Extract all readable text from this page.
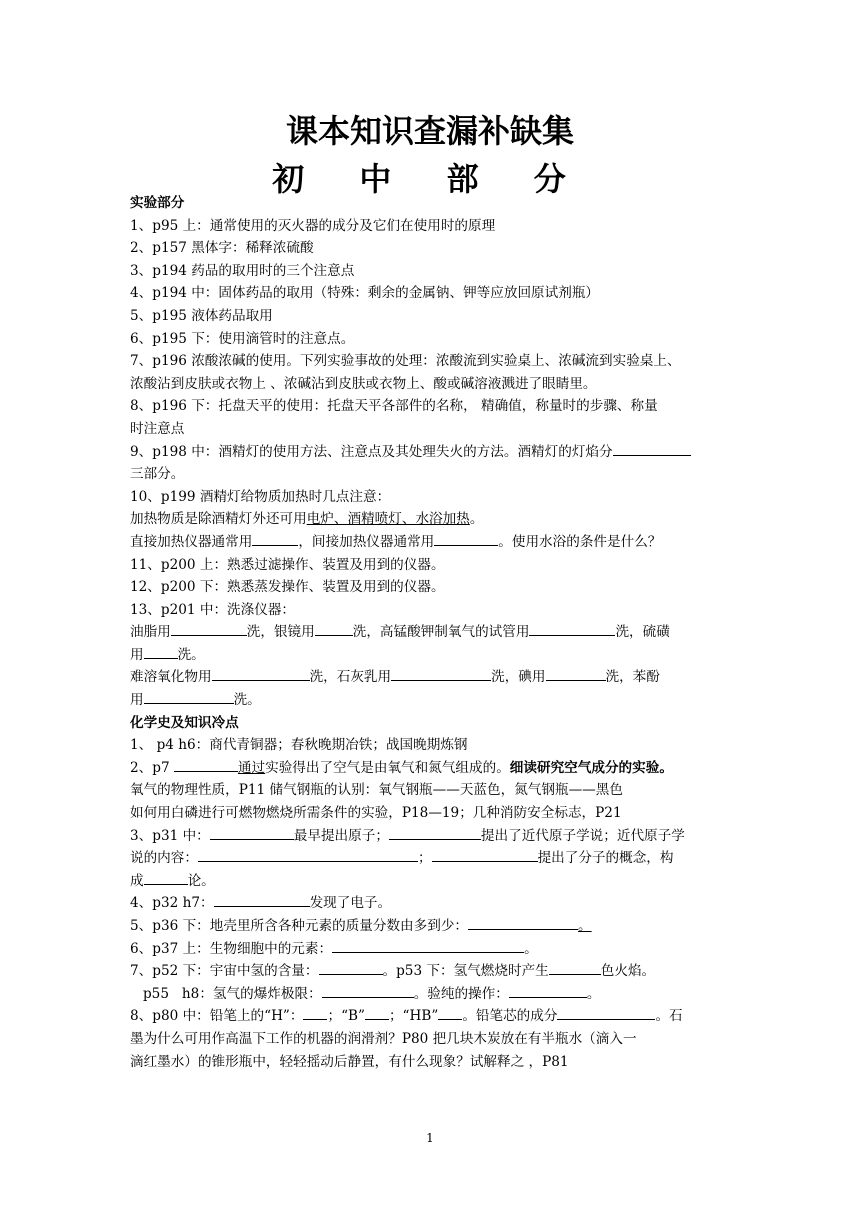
课本知识查漏补缺集
初 中 部 分
实验部分
1、p95 上：通常使用的灭火器的成分及它们在使用时的原理
2、p157 黑体字：稀释浓硫酸
3、p194 药品的取用时的三个注意点
4、p194 中：固体药品的取用（特殊：剩余的金属钠、钾等应放回原试剂瓶）
5、p195 液体药品取用
6、p195 下：使用滴管时的注意点。
7、p196 浓酸浓碱的使用。下列实验事故的处理：浓酸流到实验桌上、浓碱流到实验桌上、
浓酸沾到皮肤或衣物上 、浓碱沾到皮肤或衣物上、酸或碱溶液溅进了眼睛里。
8、p196 下：托盘天平的使用：托盘天平各部件的名称， 精确值，称量时的步骤、称量
时注意点
9、p198 中：酒精灯的使用方法、注意点及其处理失火的方法。酒精灯的灯焰分
三部分。
10、p199 酒精灯给物质加热时几点注意：
加热物质是除酒精灯外还可用电炉、酒精喷灯、水浴加热。
直接加热仪器通常用	，间接加热仪器通常用	。使用水浴的条件是什么？
11、p200 上：熟悉过滤操作、装置及用到的仪器。
12、p200 下：熟悉蒸发操作、装置及用到的仪器。
13、p201 中：洗涤仪器：
油脂用	洗，银镜用	洗，高锰酸钾制氧气的试管用	洗，硫磺
用	洗。
难溶氧化物用	洗，石灰乳用	洗，碘用	洗，苯酚
用	洗。
化学史及知识冷点
1、 p4 h6：商代青铜器；春秋晚期冶铁；战国晚期炼钢
2、p7	通过实验得出了空气是由氧气和氮气组成的。细读研究空气成分的实验。
氧气的物理性质，P11 储气钢瓶的认别：氧气钢瓶——天蓝色，氮气钢瓶——黑色
如何用白磷进行可燃物燃烧所需条件的实验，P18—19；几种消防安全标志，P21
3、p31 中：	最早提出原子；	提出了近代原子学说；近代原子学
说的内容：	；	提出了分子的概念，构
成	论。
4、p32 h7：	发现了电子。
5、p36 下：地壳里所含各种元素的质量分数由多到少：	。
6、p37 上：生物细胞中的元素：	。
7、p52 下：宇宙中氢的含量：	。p53 下：氢气燃烧时产生	色火焰。
p55   h8：氢气的爆炸极限：	。验纯的操作：	。
8、p80 中：铅笔上的“H”： ；“B” ；“HB” 。铅笔芯的成分	。石
墨为什么可用作高温下工作的机器的润滑剂？P80 把几块木炭放在有半瓶水（滴入一
滴红墨水）的锥形瓶中，轻轻摇动后静置，有什么现象？试解释之 ，P81
1
